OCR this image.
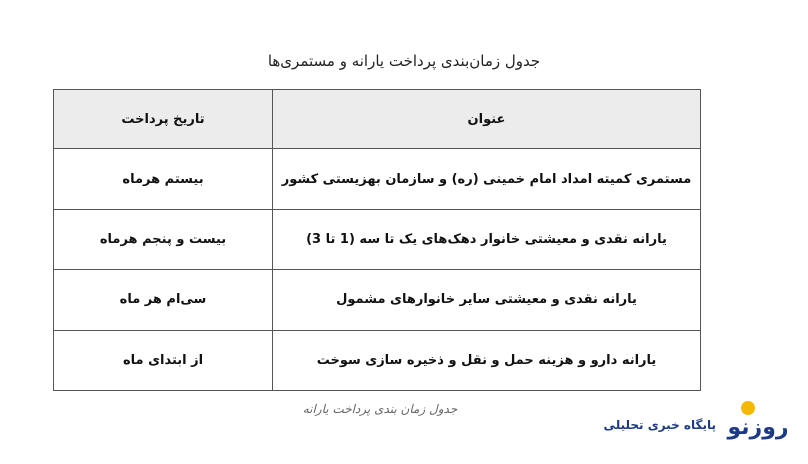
جدول زمان‌بندی پرداخت یارانه و مستمری‌ها
عنوان	تاریخ پرداخت
مستمری کمیته امداد امام خمینی (ره) و سازمان بهزیستی کشور	بیستم هرماه
یارانه نقدی و معیشتی خانوار دهک‌های یک تا سه (1 تا 3)	بیست و پنجم هرماه
یارانه نقدی و معیشتی سایر خانوارهای مشمول	سی‌ام هر ماه
یارانه دارو و هزینه حمل و نقل و ذخیره سازی سوخت	از ابتدای ماه
جدول زمان بندی پرداخت یارانه
پایگاه خبری تحلیلی روزنو
